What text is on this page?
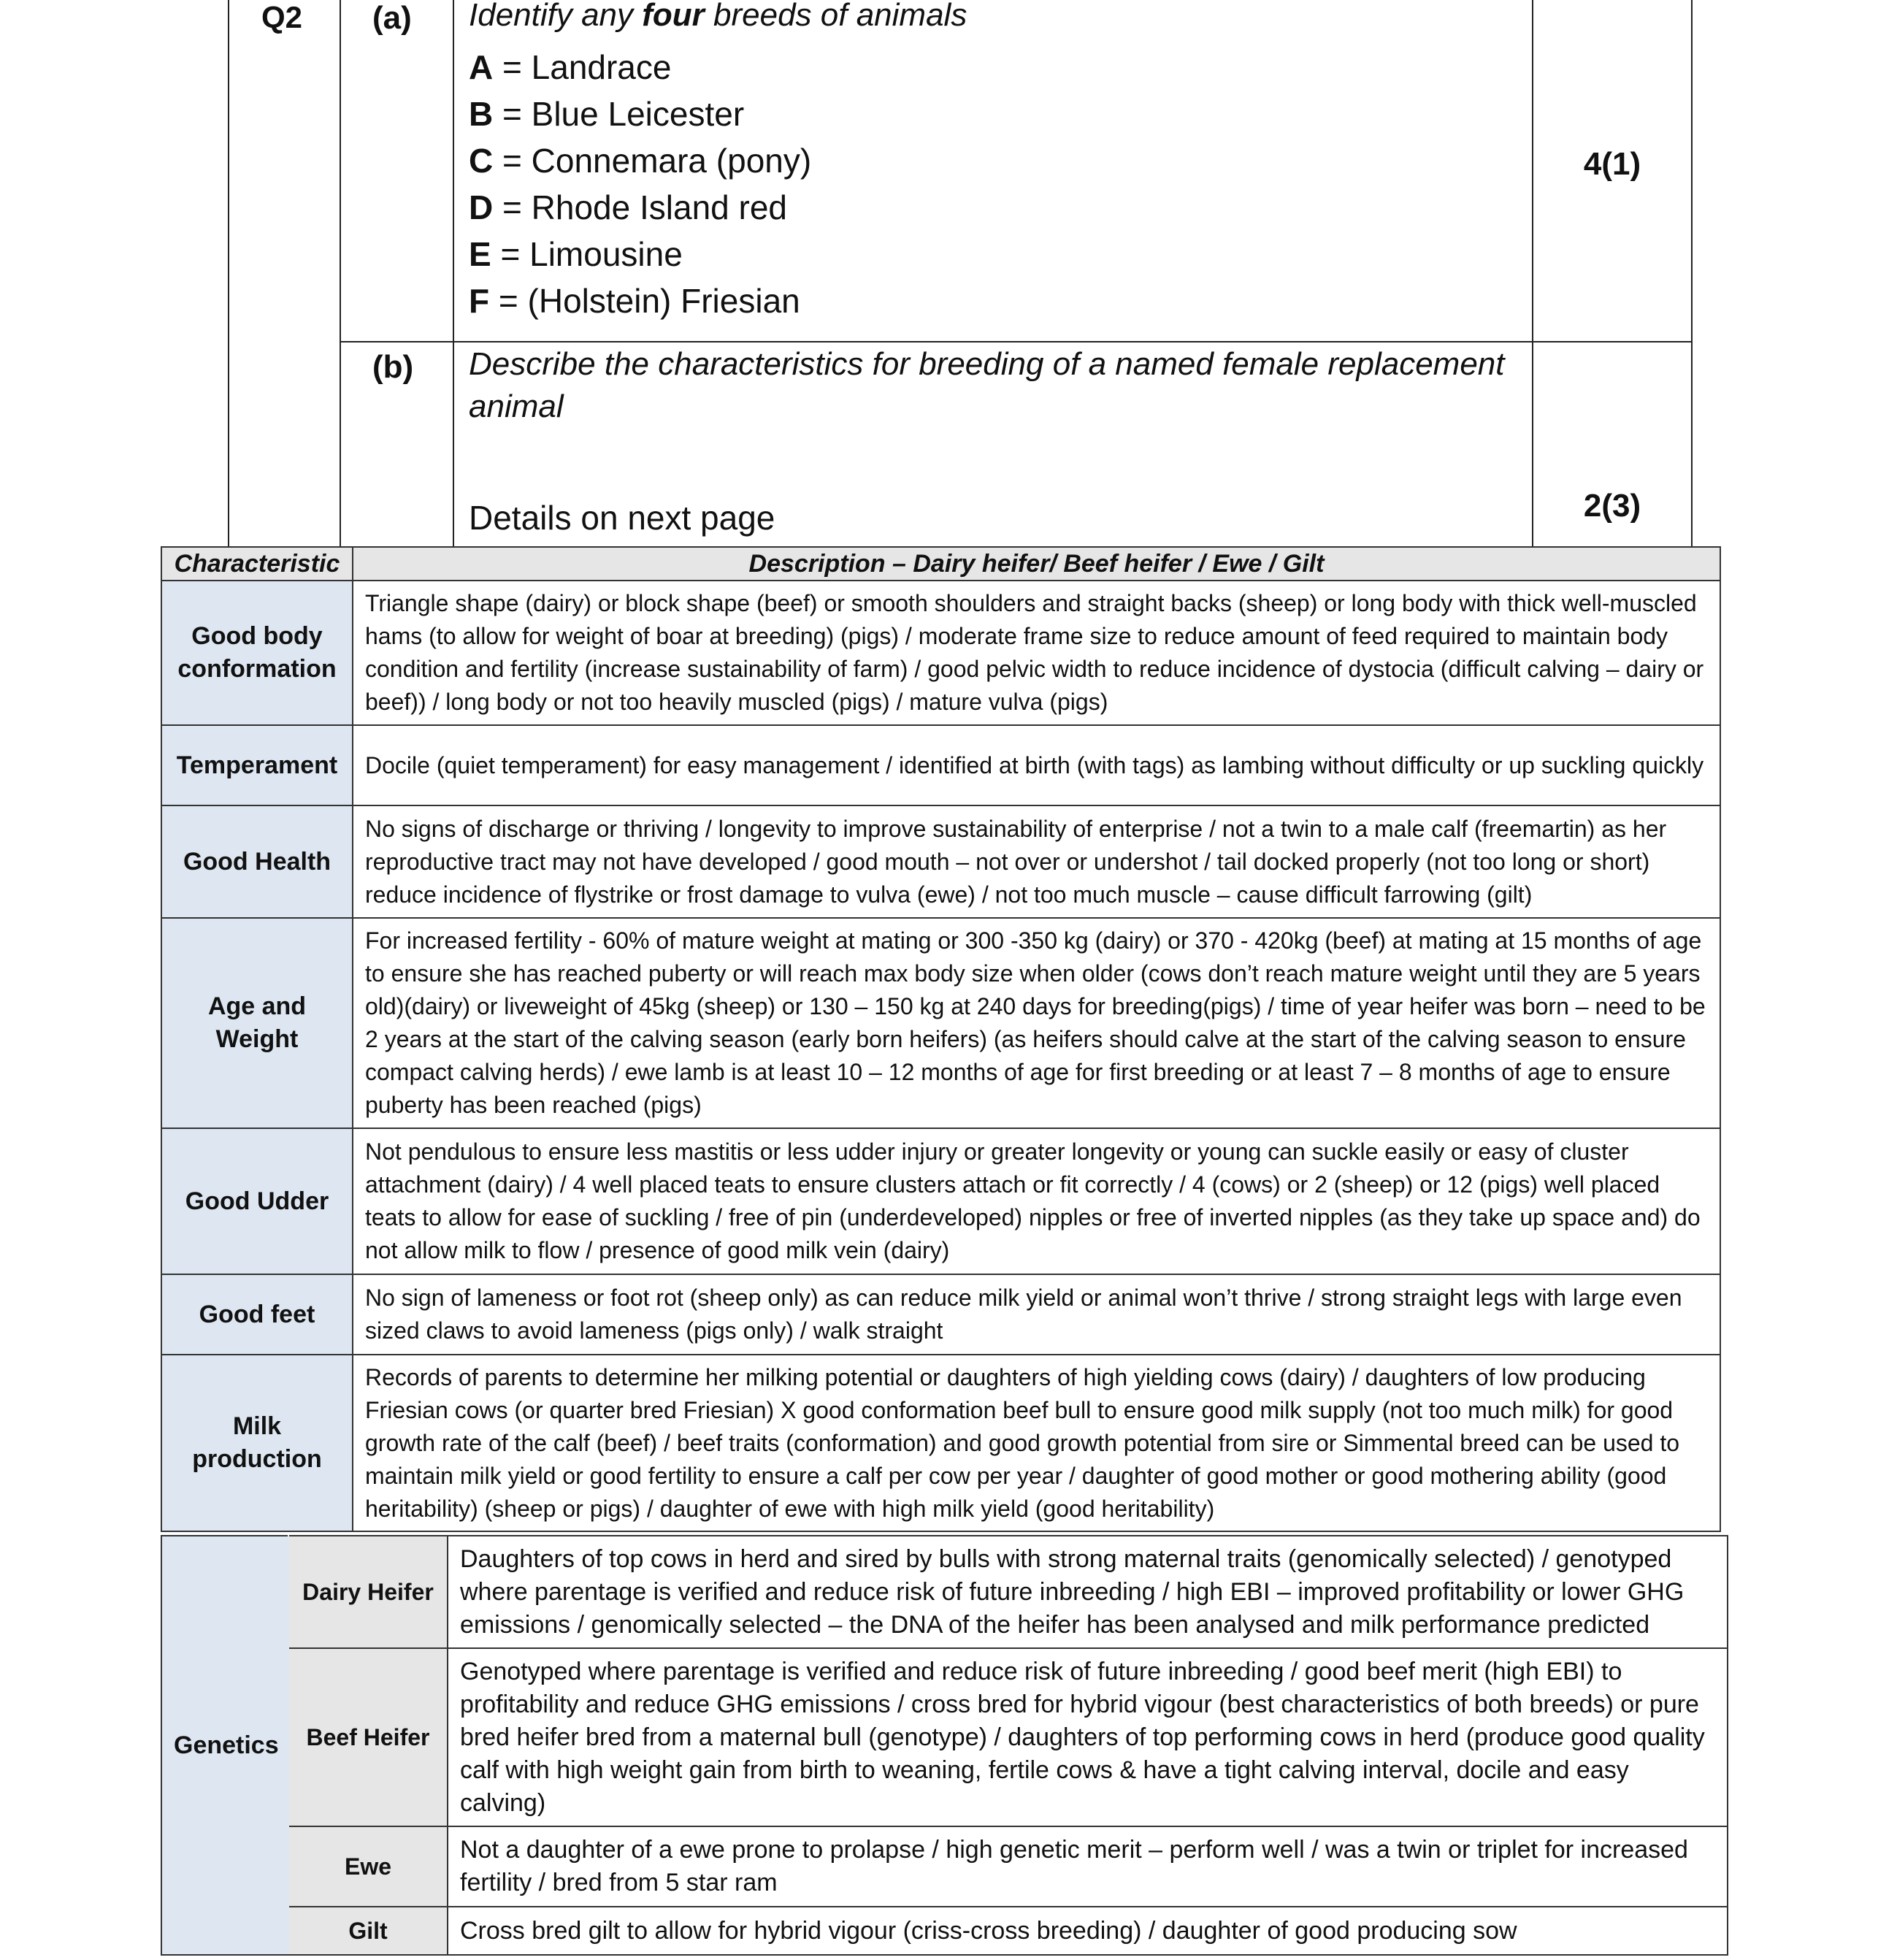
Q2 (a) Identify any four breeds of animals
A = Landrace
B = Blue Leicester
C = Connemara (pony)
D = Rhode Island red
E = Limousine
F = (Holstein) Friesian
4(1)
(b) Describe the characteristics for breeding of a named female replacement animal
Details on next page	2(3)
Characteristic	Description – Dairy heifer/ Beef heifer / Ewe / Gilt
Good body conformation	Triangle shape (dairy) or block shape (beef) or smooth shoulders and straight backs (sheep) or long body with thick well-muscled hams (to allow for weight of boar at breeding) (pigs) / moderate frame size to reduce amount of feed required to maintain body condition and fertility (increase sustainability of farm) / good pelvic width to reduce incidence of dystocia (difficult calving – dairy or beef)) / long body or not too heavily muscled (pigs) / mature vulva (pigs)
Temperament	Docile (quiet temperament) for easy management / identified at birth (with tags) as lambing without difficulty or up suckling quickly
Good Health	No signs of discharge or thriving / longevity to improve sustainability of enterprise / not a twin to a male calf (freemartin) as her reproductive tract may not have developed / good mouth – not over or undershot / tail docked properly (not too long or short) reduce incidence of flystrike or frost damage to vulva (ewe) / not too much muscle – cause difficult farrowing (gilt)
Age and Weight	For increased fertility - 60% of mature weight at mating or 300 -350 kg (dairy) or 370 - 420kg (beef) at mating at 15 months of age to ensure she has reached puberty or will reach max body size when older (cows don’t reach mature weight until they are 5 years old)(dairy) or liveweight of 45kg (sheep) or 130 – 150 kg at 240 days for breeding(pigs) / time of year heifer was born – need to be 2 years at the start of the calving season (early born heifers) (as heifers should calve at the start of the calving season to ensure compact calving herds) / ewe lamb is at least 10 – 12 months of age for first breeding or at least 7 – 8 months of age to ensure puberty has been reached (pigs)
Good Udder	Not pendulous to ensure less mastitis or less udder injury or greater longevity or young can suckle easily or easy of cluster attachment (dairy) / 4 well placed teats to ensure clusters attach or fit correctly / 4 (cows) or 2 (sheep) or 12 (pigs) well placed teats to allow for ease of suckling / free of pin (underdeveloped) nipples or free of inverted nipples (as they take up space and) do not allow milk to flow / presence of good milk vein (dairy)
Good feet	No sign of lameness or foot rot (sheep only) as can reduce milk yield or animal won’t thrive / strong straight legs with large even sized claws to avoid lameness (pigs only) / walk straight
Milk production	Records of parents to determine her milking potential or daughters of high yielding cows (dairy) / daughters of low producing Friesian cows (or quarter bred Friesian) X good conformation beef bull to ensure good milk supply (not too much milk) for good growth rate of the calf (beef) / beef traits (conformation) and good growth potential from sire or Simmental breed can be used to maintain milk yield or good fertility to ensure a calf per cow per year / daughter of good mother or good mothering ability (good heritability) (sheep or pigs) / daughter of ewe with high milk yield (good heritability)
Genetics	Dairy Heifer	Daughters of top cows in herd and sired by bulls with strong maternal traits (genomically selected) / genotyped where parentage is verified and reduce risk of future inbreeding / high EBI – improved profitability or lower GHG emissions / genomically selected – the DNA of the heifer has been analysed and milk performance predicted
	Beef Heifer	Genotyped where parentage is verified and reduce risk of future inbreeding / good beef merit (high EBI) to profitability and reduce GHG emissions / cross bred for hybrid vigour (best characteristics of both breeds) or pure bred heifer bred from a maternal bull (genotype) / daughters of top performing cows in herd (produce good quality calf with high weight gain from birth to weaning, fertile cows & have a tight calving interval, docile and easy calving)
	Ewe	Not a daughter of a ewe prone to prolapse / high genetic merit – perform well / was a twin or triplet for increased fertility / bred from 5 star ram
	Gilt	Cross bred gilt to allow for hybrid vigour (criss-cross breeding) / daughter of good producing sow
